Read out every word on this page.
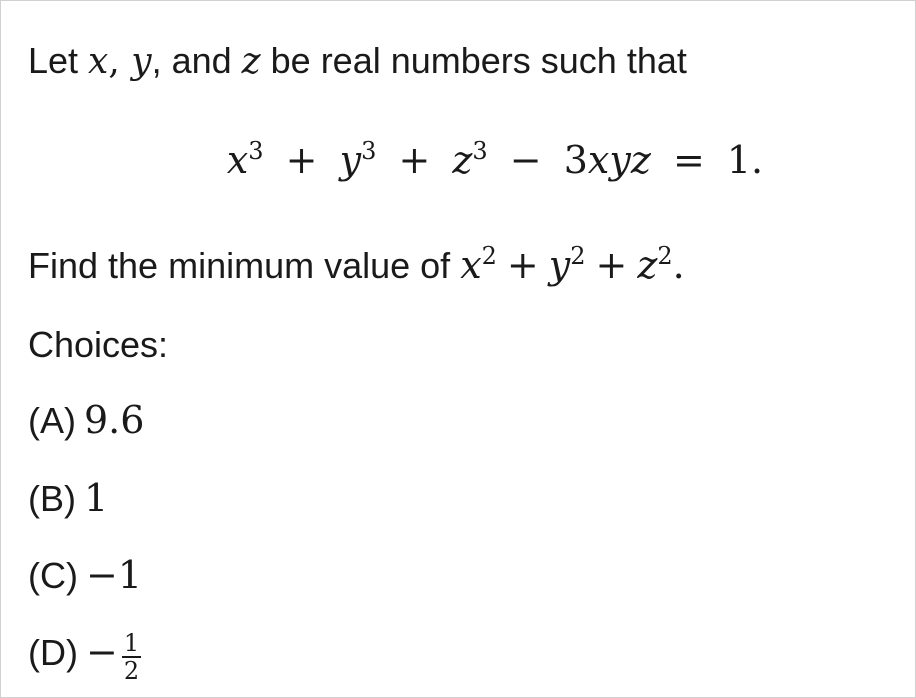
Let x, y, and z be real numbers such that
$x^3 + y^3 + z^3 - 3xyz = 1$.
Find the minimum value of $x^2 + y^2 + z^2$.
Choices:
(A) 9.6
(B) 1
(C) −1
$(D) - \frac{1}{2}$
